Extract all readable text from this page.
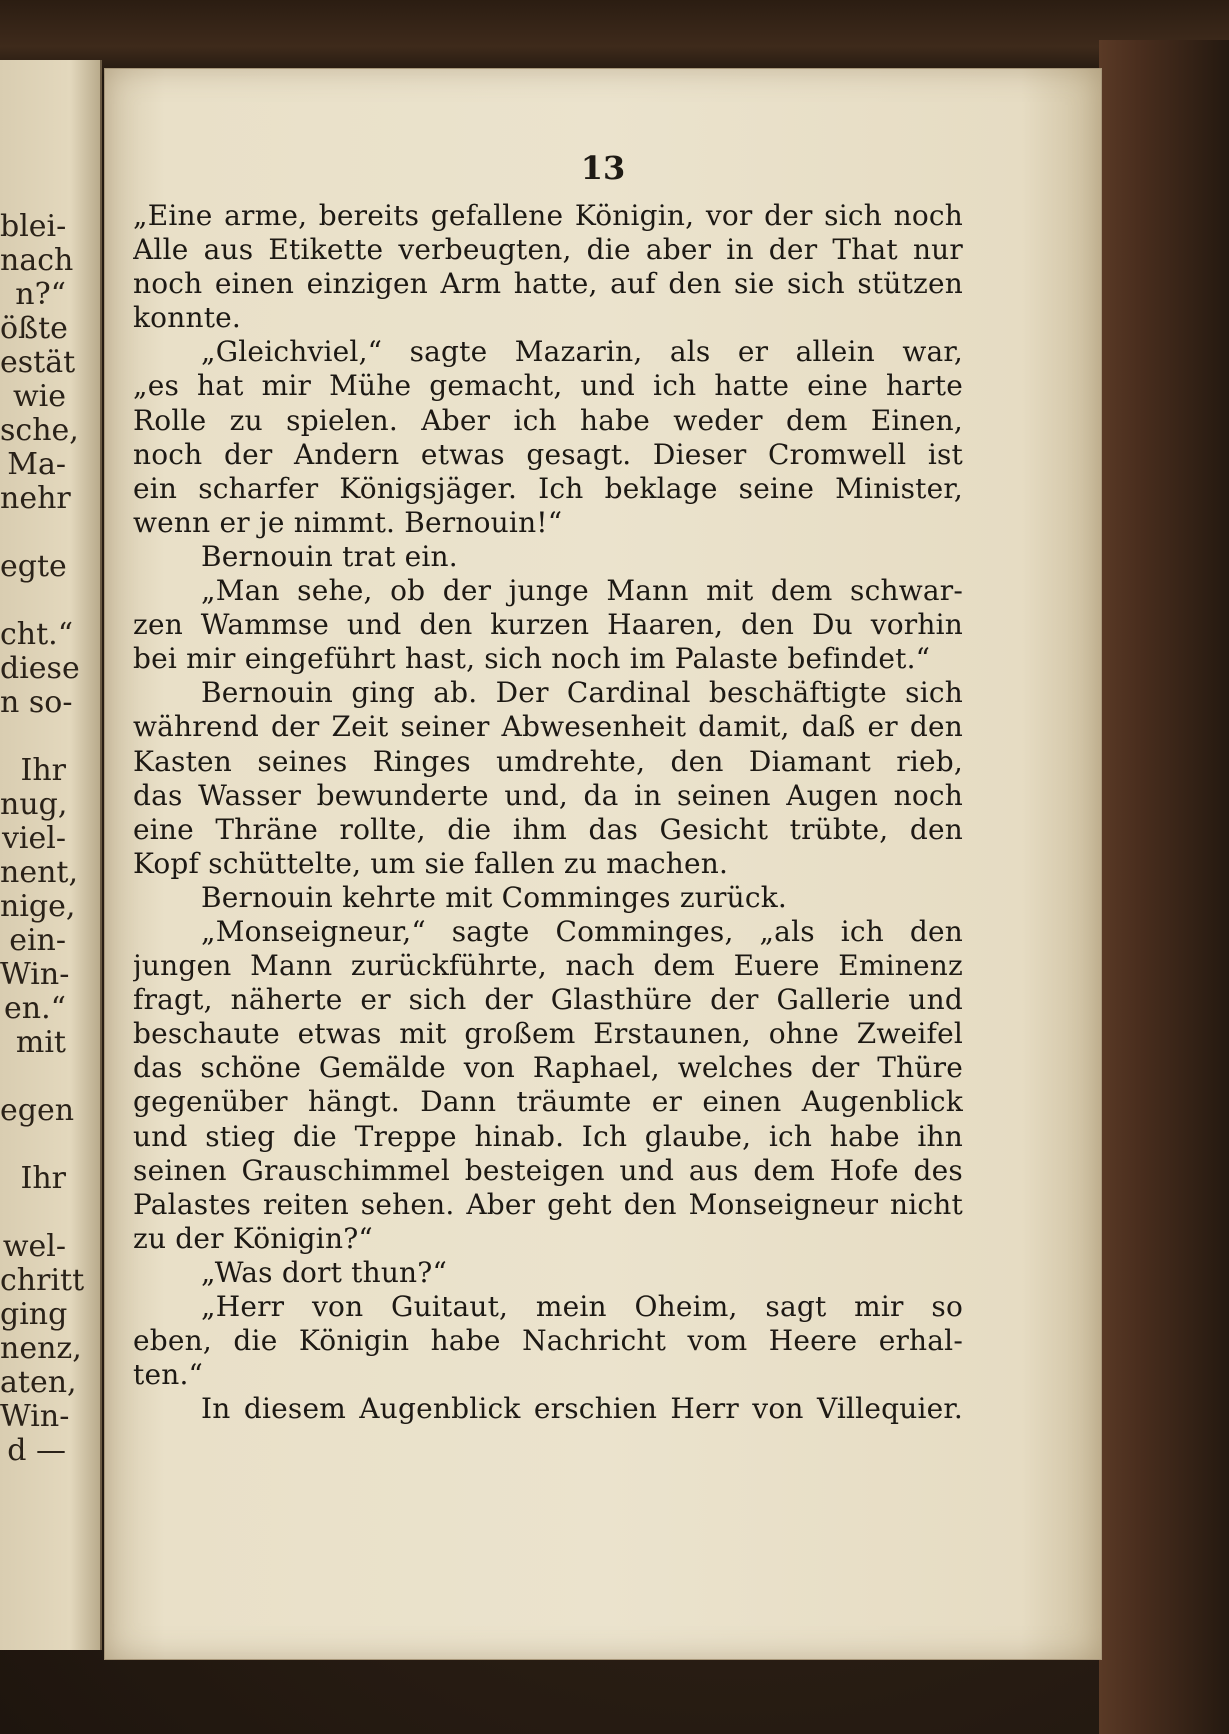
blei-
nach
n?“
ößte
estät
wie
sche,
Ma-
nehr

egte

cht.“
diese
n so-

Ihr
nug,
viel-
nent,
nige,
ein-
Win-
en.“
mit

egen

Ihr

wel-
chritt
ging
nenz,
aten,
Win-
d —
13
„Eine arme, bereits gefallene Königin, vor der sich noch
Alle aus Etikette verbeugten, die aber in der That nur
noch einen einzigen Arm hatte, auf den sie sich stützen
konnte.
„Gleichviel,“ sagte Mazarin, als er allein war,
„es hat mir Mühe gemacht, und ich hatte eine harte
Rolle zu spielen. Aber ich habe weder dem Einen,
noch der Andern etwas gesagt. Dieser Cromwell ist
ein scharfer Königsjäger. Ich beklage seine Minister,
wenn er je nimmt. Bernouin!“
Bernouin trat ein.
„Man sehe, ob der junge Mann mit dem schwar-
zen Wammse und den kurzen Haaren, den Du vorhin
bei mir eingeführt hast, sich noch im Palaste befindet.“
Bernouin ging ab. Der Cardinal beschäftigte sich
während der Zeit seiner Abwesenheit damit, daß er den
Kasten seines Ringes umdrehte, den Diamant rieb,
das Wasser bewunderte und, da in seinen Augen noch
eine Thräne rollte, die ihm das Gesicht trübte, den
Kopf schüttelte, um sie fallen zu machen.
Bernouin kehrte mit Comminges zurück.
„Monseigneur,“ sagte Comminges, „als ich den
jungen Mann zurückführte, nach dem Euere Eminenz
fragt, näherte er sich der Glasthüre der Gallerie und
beschaute etwas mit großem Erstaunen, ohne Zweifel
das schöne Gemälde von Raphael, welches der Thüre
gegenüber hängt. Dann träumte er einen Augenblick
und stieg die Treppe hinab. Ich glaube, ich habe ihn
seinen Grauschimmel besteigen und aus dem Hofe des
Palastes reiten sehen. Aber geht den Monseigneur nicht
zu der Königin?“
„Was dort thun?“
„Herr von Guitaut, mein Oheim, sagt mir so
eben, die Königin habe Nachricht vom Heere erhal-
ten.“
In diesem Augenblick erschien Herr von Villequier.
